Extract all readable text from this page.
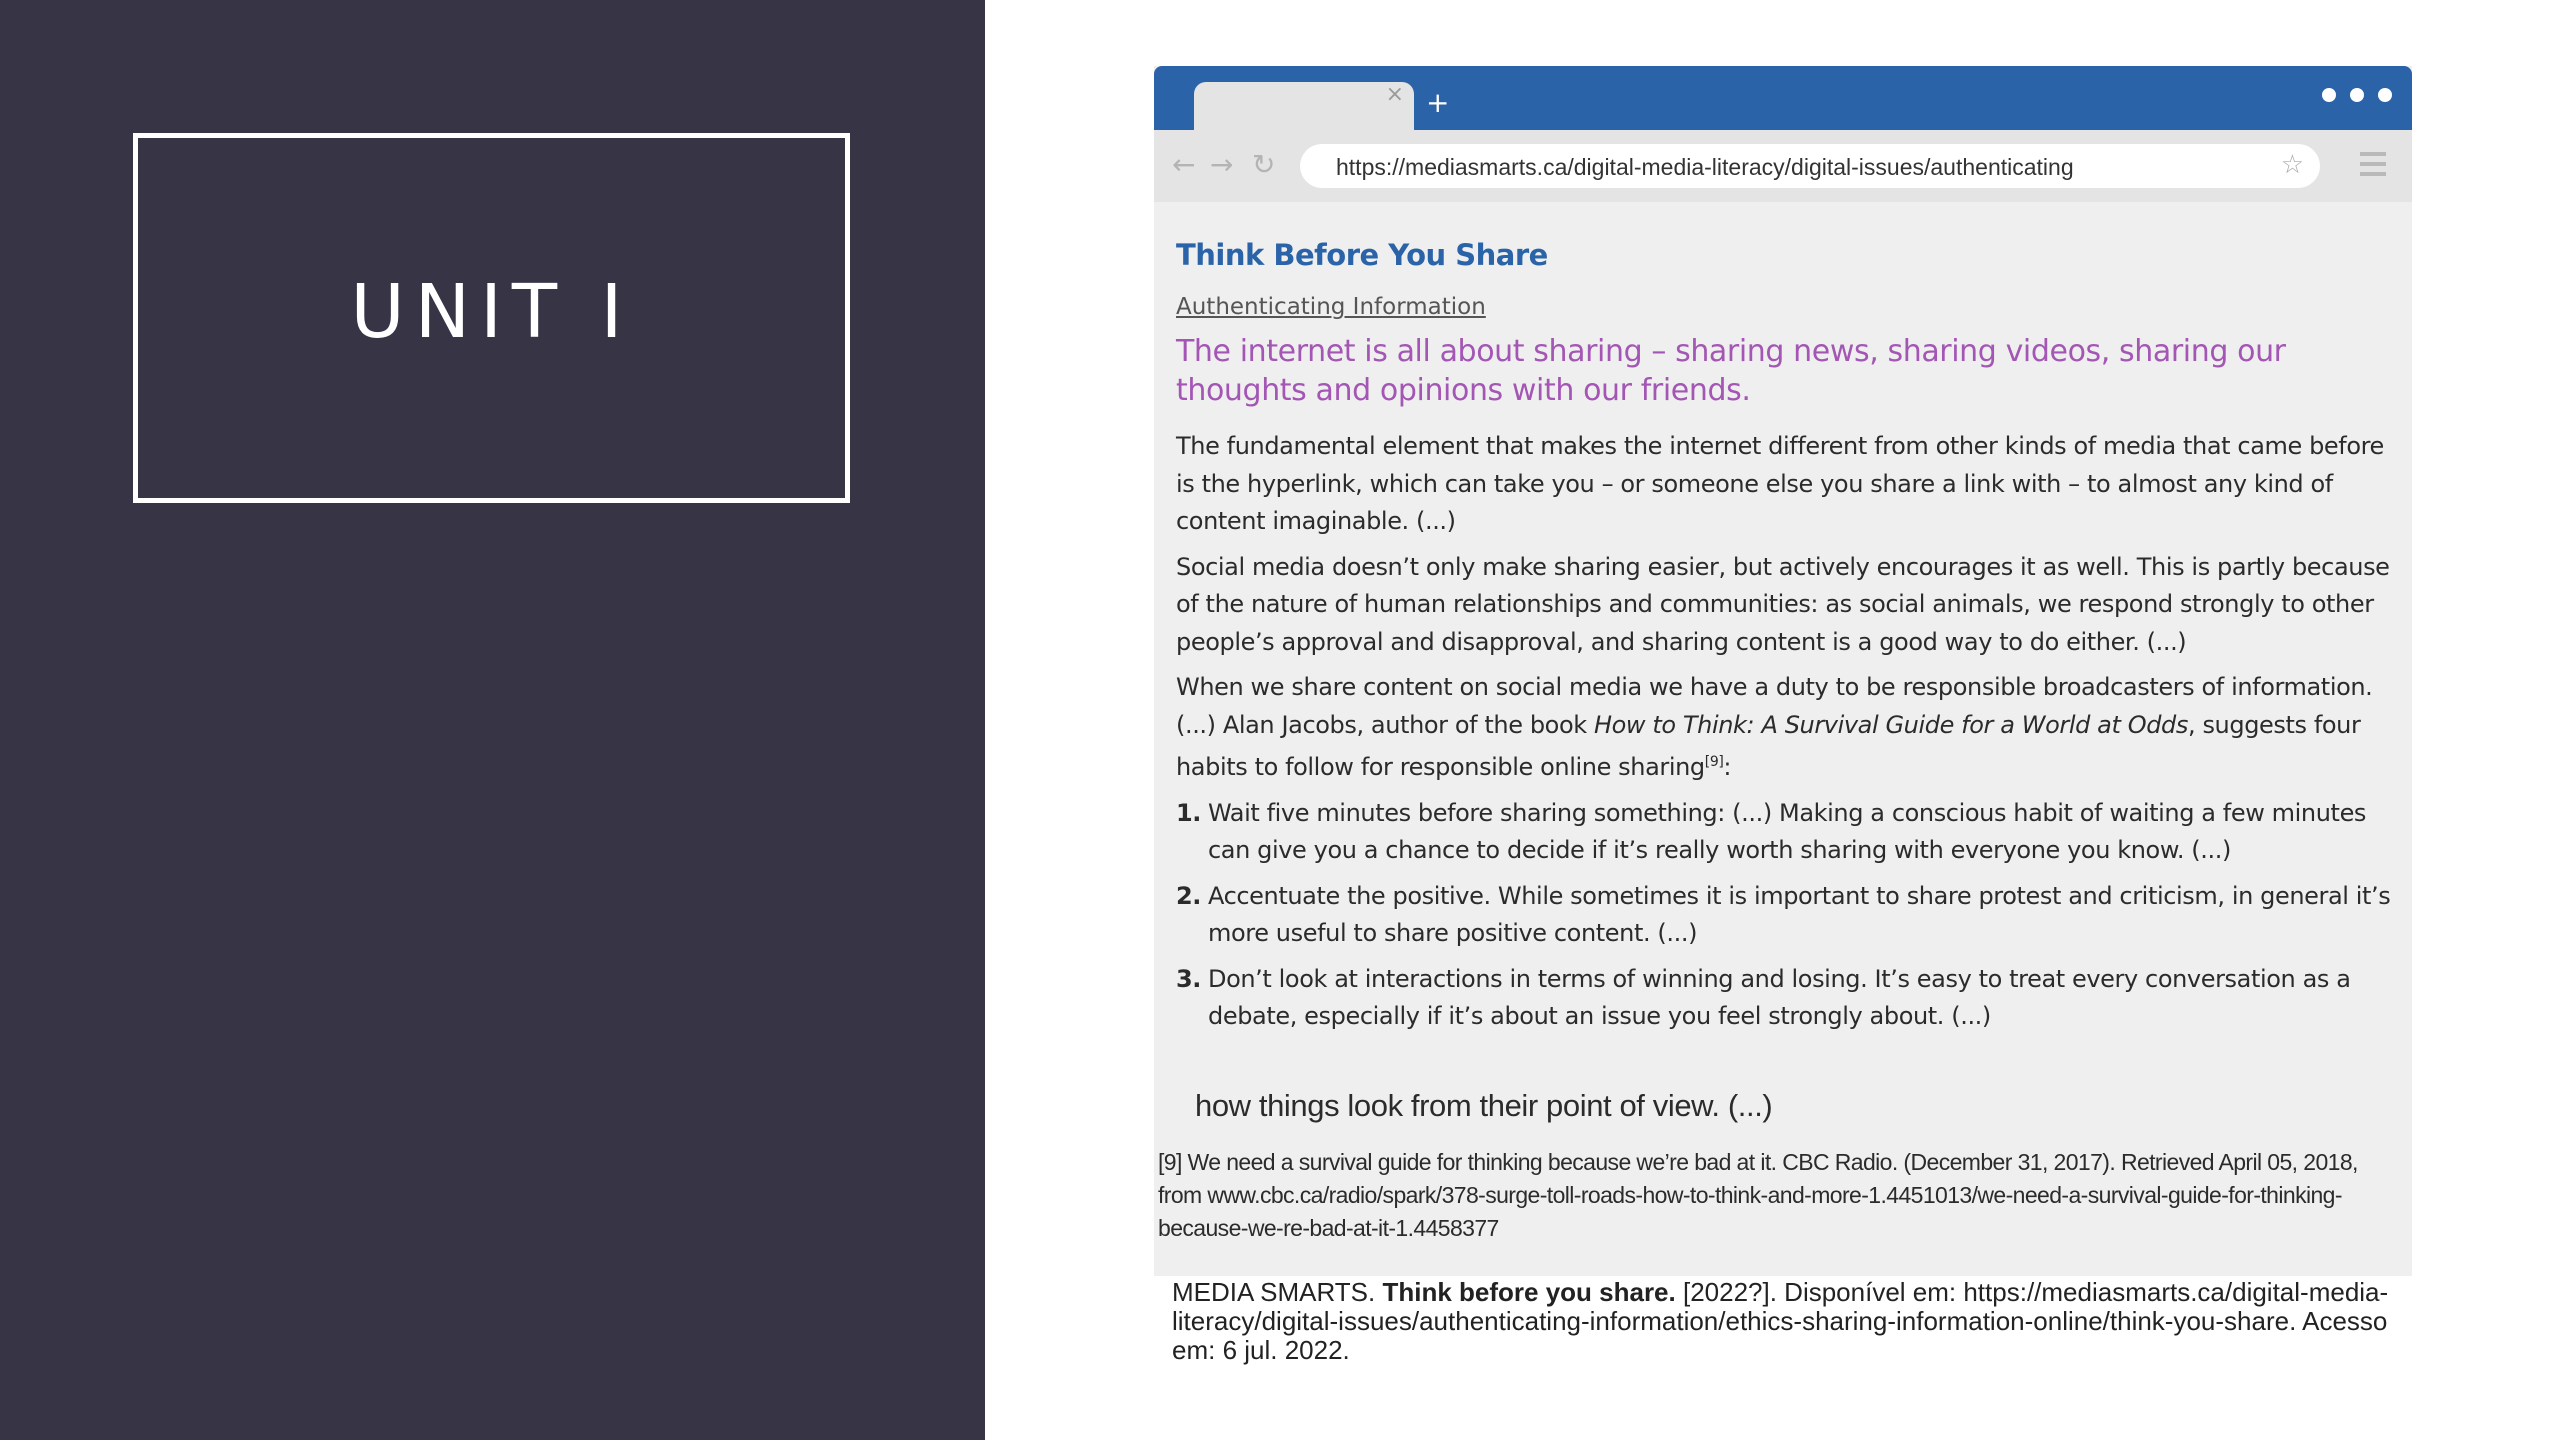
UNIT I
× +
← → ↻	https://mediasmarts.ca/digital-media-literacy/digital-issues/authenticating	☆
Think Before You Share
Authenticating Information
The internet is all about sharing – sharing news, sharing videos, sharing our thoughts and opinions with our friends.
The fundamental element that makes the internet different from other kinds of media that came before is the hyperlink, which can take you – or someone else you share a link with – to almost any kind of content imaginable. (...)
Social media doesn’t only make sharing easier, but actively encourages it as well. This is partly because of the nature of human relationships and communities: as social animals, we respond strongly to other people’s approval and disapproval, and sharing content is a good way to do either. (...)
When we share content on social media we have a duty to be responsible broadcasters of information. (...) Alan Jacobs, author of the book How to Think: A Survival Guide for a World at Odds, suggests four habits to follow for responsible online sharing[9]:
1. Wait five minutes before sharing something: (...) Making a conscious habit of waiting a few minutes can give you a chance to decide if it’s really worth sharing with everyone you know. (...)
2. Accentuate the positive. While sometimes it is important to share protest and criticism, in general it’s more useful to share positive content. (...)
3. Don’t look at interactions in terms of winning and losing. It’s easy to treat every conversation as a debate, especially if it’s about an issue you feel strongly about. (...)
how things look from their point of view. (...)
[9] We need a survival guide for thinking because we’re bad at it. CBC Radio. (December 31, 2017). Retrieved April 05, 2018, from www.cbc.ca/radio/spark/378-surge-toll-roads-how-to-think-and-more-1.4451013/we-need-a-survival-guide-for-thinking-because-we-re-bad-at-it-1.4458377
MEDIA SMARTS. Think before you share. [2022?]. Disponível em: https://mediasmarts.ca/digital-media-literacy/digital-issues/authenticating-information/ethics-sharing-information-online/think-you-share. Acesso em: 6 jul. 2022.
